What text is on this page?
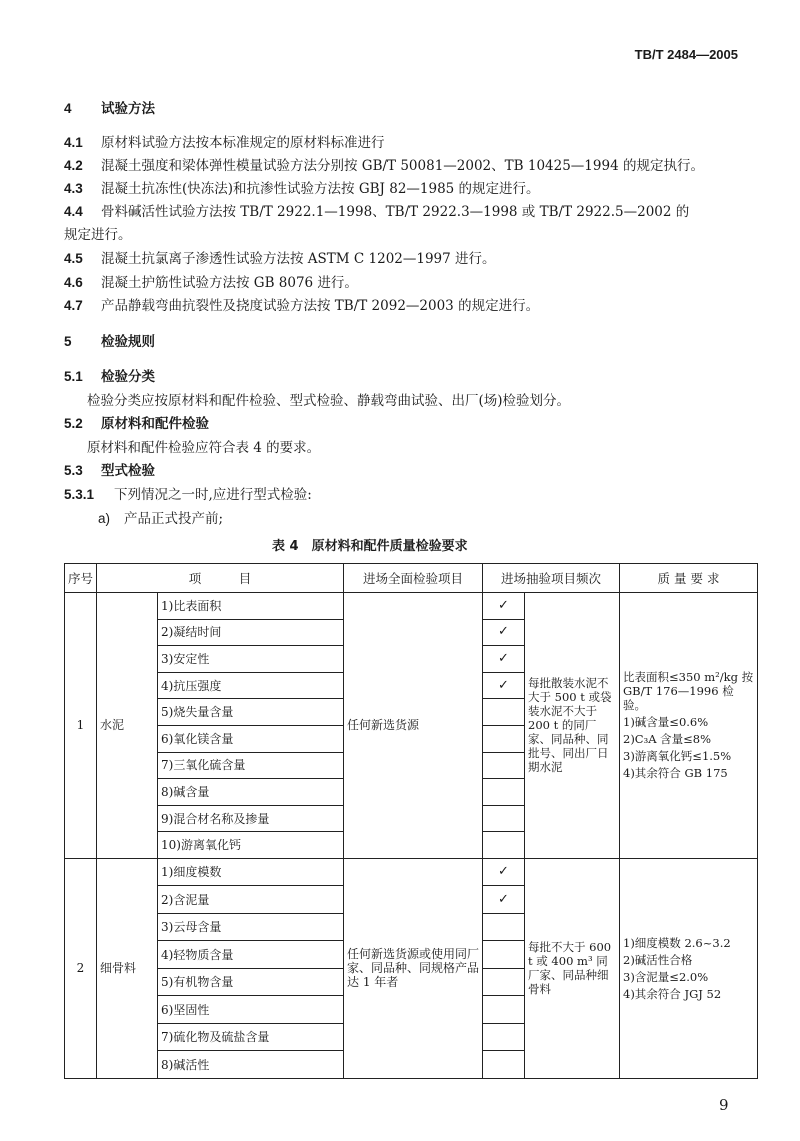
TB/T 2484—2005
4 试验方法
4.1 原材料试验方法按本标准规定的原材料标准进行
4.2 混凝土强度和梁体弹性模量试验方法分别按 GB/T 50081—2002、TB 10425—1994 的规定执行。
4.3 混凝土抗冻性(快冻法)和抗渗性试验方法按 GBJ 82—1985 的规定进行。
4.4 骨料碱活性试验方法按 TB/T 2922.1—1998、TB/T 2922.3—1998 或 TB/T 2922.5—2002 的
规定进行。
4.5 混凝土抗氯离子渗透性试验方法按 ASTM C 1202—1997 进行。
4.6 混凝土护筋性试验方法按 GB 8076 进行。
4.7 产品静载弯曲抗裂性及挠度试验方法按 TB/T 2092—2003 的规定进行。
5 检验规则
5.1 检验分类
检验分类应按原材料和配件检验、型式检验、静载弯曲试验、出厂(场)检验划分。
5.2 原材料和配件检验
原材料和配件检验应符合表 4 的要求。
5.3 型式检验
5.3.1 下列情况之一时,应进行型式检验:
a) 产品正式投产前;
表 4　原材料和配件质量检验要求
序号	项　　　目		进场全面检验项目	进场抽验项目频次		质 量 要 求
1	水泥	1)比表面积	任何新选货源	✓	每批散装水泥不大于 500 t 或袋装水泥不大于 200 t 的同厂家、同品种、同批号、同出厂日期水泥	比表面积≤350 m²/kg 按 GB/T 176—1996 检验。
1)碱含量≤0.6%
2)C₃A 含量≤8%
3)游离氧化钙≤1.5%
4)其余符合 GB 175

		2)凝结时间		✓		
		3)安定性		✓		
		4)抗压强度		✓		
		5)烧失量含量				
		6)氧化镁含量				
		7)三氧化硫含量				
		8)碱含量				
		9)混合材名称及掺量				
		10)游离氧化钙				
2	细骨料	1)细度模数	任何新选货源或使用同厂家、同品种、同规格产品达 1 年者	✓	每批不大于 600 t 或 400 m³ 同厂家、同品种细骨料	1)细度模数 2.6~3.2
2)碱活性合格
3)含泥量≤2.0%
4)其余符合 JGJ 52

		2)含泥量		✓		
		3)云母含量				
		4)轻物质含量				
		5)有机物含量				
		6)坚固性				
		7)硫化物及硫盐含量				
		8)碱活性				
9
